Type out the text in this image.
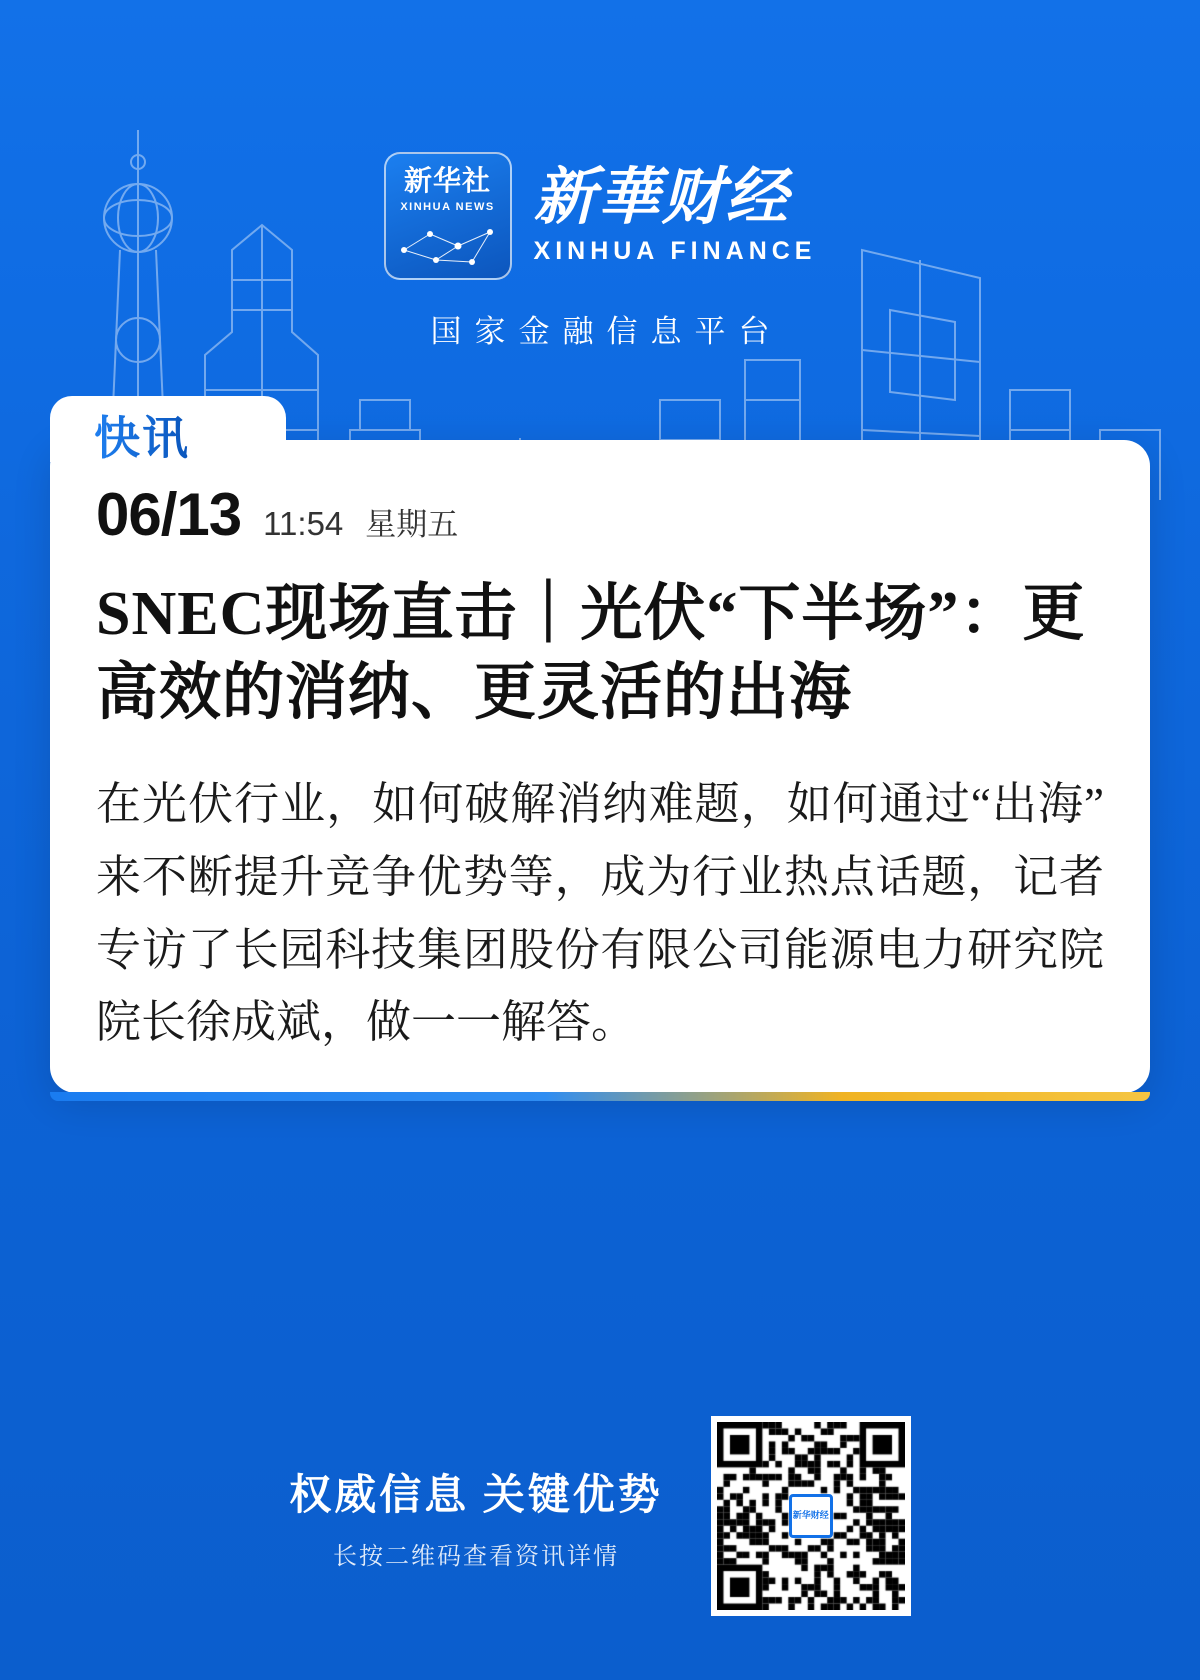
新华社
XINHUA NEWS 新華财经
XINHUA FINANCE
国家金融信息平台
快讯
06/13 11:54 星期五
SNEC现场直击｜光伏“下半场”：更高效的消纳、更灵活的出海

在光伏行业，如何破解消纳难题，如何通过“出海”来不断提升竞争优势等，成为行业热点话题，记者专访了长园科技集团股份有限公司能源电力研究院院长徐成斌，做一一解答。

权威信息 关键优势
长按二维码查看资讯详情
新华财经
